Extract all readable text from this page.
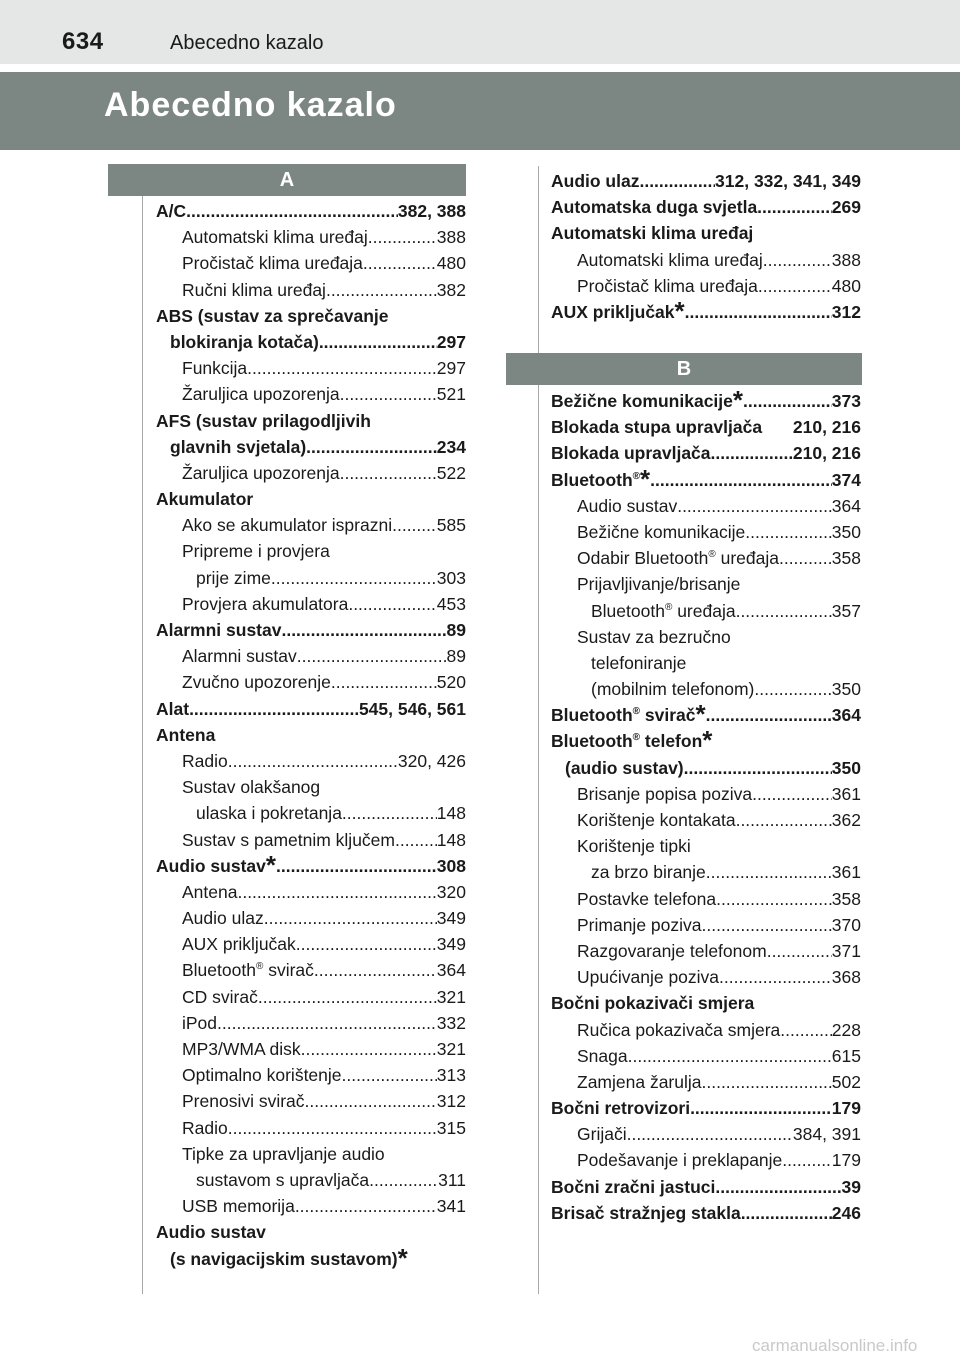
634	Abecedno kazalo
Abecedno kazalo
A
B
A/C .....	382, 388
Automatski klima uređaj .....	388
Pročistač klima uređaja .....	480
Ručni klima uređaj .....	382
ABS (sustav za sprečavanje
blokiranja kotača) .....	297
Funkcija .....	297
Žaruljica upozorenja .....	521
AFS (sustav prilagodljivih
glavnih svjetala) .....	234
Žaruljica upozorenja .....	522
Akumulator
Ako se akumulator isprazni .....	585
Pripreme i provjera
prije zime .....	303
Provjera akumulatora .....	453
Alarmni sustav .....	89
Alarmni sustav .....	89
Zvučno upozorenje .....	520
Alat .....	545, 546, 561
Antena
Radio .....	320, 426
Sustav olakšanog
ulaska i pokretanja .....	148
Sustav s pametnim ključem ..... 148
Audio sustav* .....	308
Antena .....	320
Audio ulaz .....	349
AUX priključak .....	349
Bluetooth® svirač .....	364
CD svirač .....	321
iPod .....	332
MP3/WMA disk .....	321
Optimalno korištenje .....	313
Prenosivi svirač .....	312
Radio .....	315
Tipke za upravljanje audio
sustavom s upravljača .....	311
USB memorija .....	341
Audio sustav
(s navigacijskim sustavom)*
Audio ulaz .....	312, 332, 341, 349
Automatska duga svjetla .....	269
Automatski klima uređaj
Automatski klima uređaj .....	388
Pročistač klima uređaja .....	480
AUX priključak* .....	312
Bežične komunikacije* .....	373
Blokada stupa upravljača 210, 216
Blokada upravljača .....	210, 216
Bluetooth®* .....	374
Audio sustav .....	364
Bežične komunikacije .....	350
Odabir Bluetooth® uređaja .....	358
Prijavljivanje/brisanje
Bluetooth® uređaja .....	357
Sustav za bezručno
telefoniranje
(mobilnim telefonom) .....	350
Bluetooth® svirač* .....	364
Bluetooth® telefon*
(audio sustav) .....	350
Brisanje popisa poziva .....	361
Korištenje kontakata .....	362
Korištenje tipki
za brzo biranje .....	361
Postavke telefona .....	358
Primanje poziva .....	370
Razgovaranje telefonom .....	371
Upućivanje poziva .....	368
Bočni pokazivači smjera
Ručica pokazivača smjera .....	228
Snaga .....	615
Zamjena žarulja .....	502
Bočni retrovizori .....	179
Grijači .....	384, 391
Podešavanje i preklapanje .....	179
Bočni zračni jastuci .....	39
Brisač stražnjeg stakla .....	246
carmanualsonline.info
